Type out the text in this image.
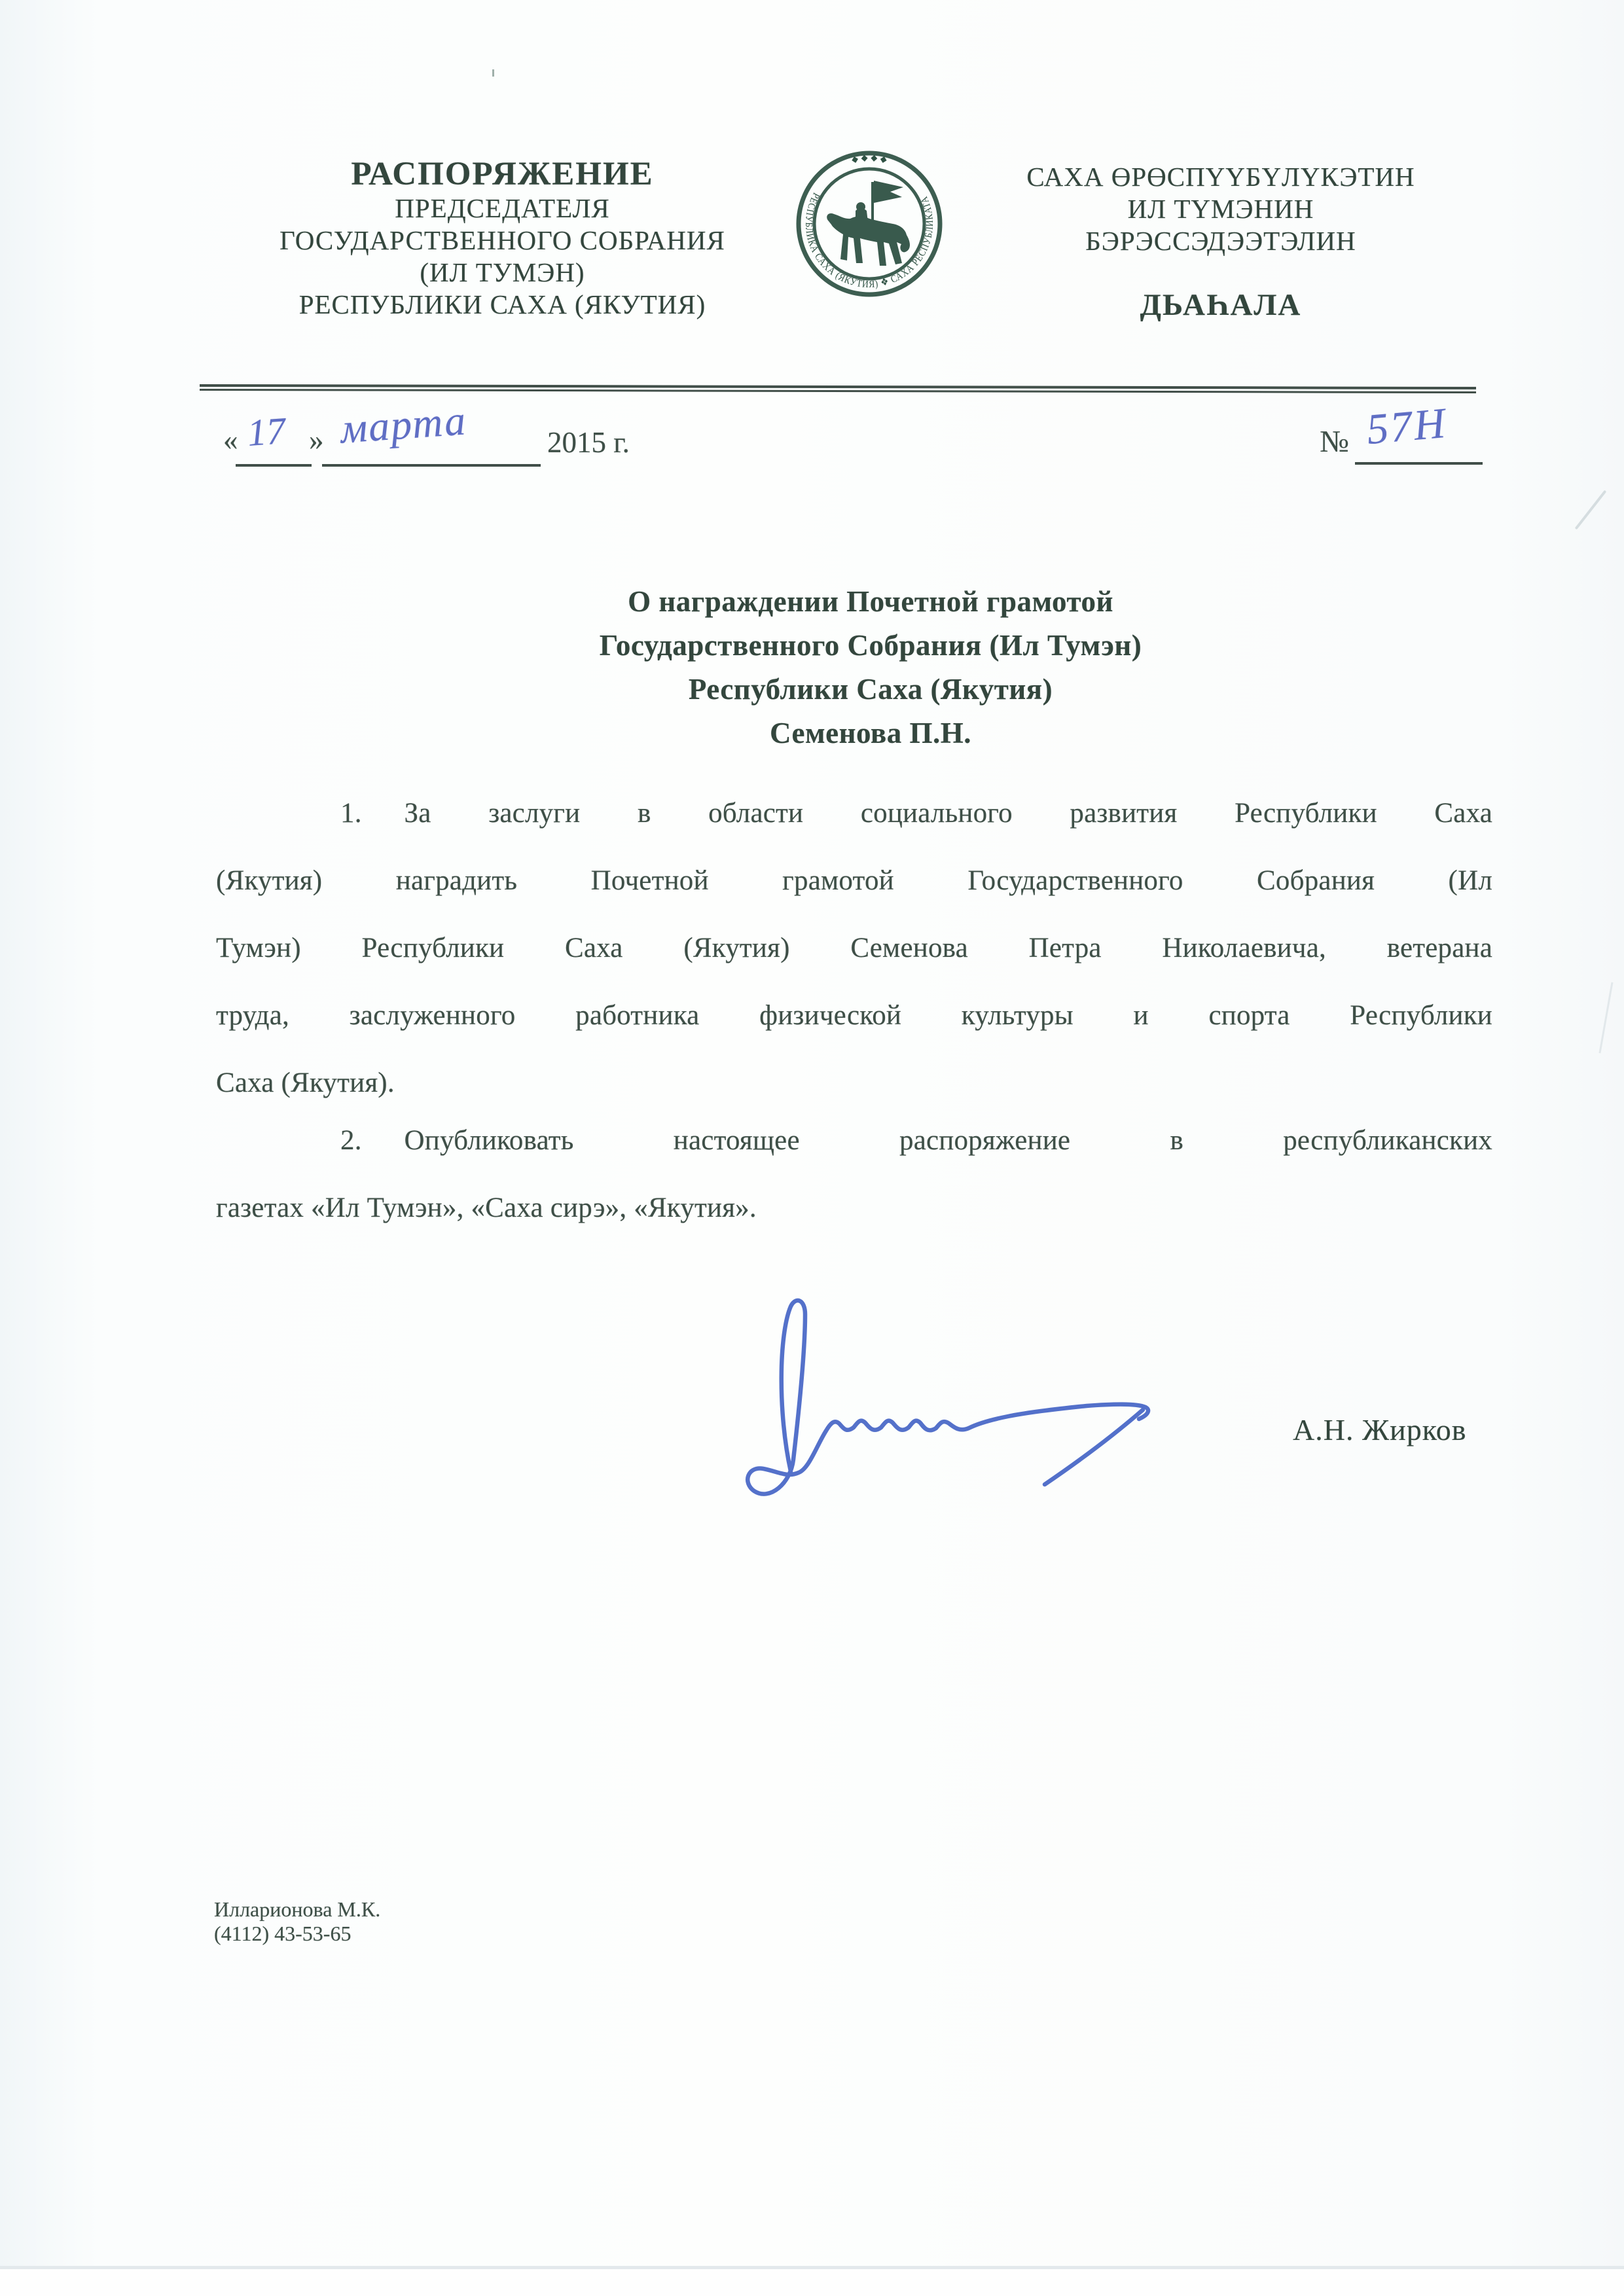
РАСПОРЯЖЕНИЕ
ПРЕДСЕДАТЕЛЯ
ГОСУДАРСТВЕННОГО СОБРАНИЯ
(ИЛ ТУМЭН)
РЕСПУБЛИКИ САХА (ЯКУТИЯ)
РЕСПУБЛИКА САХА (ЯКУТИЯ) ❖ САХА РЕСПУБЛИКАТА
◆ ◆ ◆ ◆
САХА ӨРӨСПҮҮБҮЛҮКЭТИН
ИЛ ТҮМЭНИН
БЭРЭССЭДЭЭТЭЛИН
ДЬАҺАЛА
« 17 » марта	2015 г.	№ 57Н
О награждении Почетной грамотой
Государственного Собрания (Ил Тумэн)
Республики Саха (Якутия)
Семенова П.Н.
1.  За заслуги в области социального развития Республики Саха
(Якутия) наградить Почетной грамотой Государственного Собрания (Ил
Тумэн) Республики Саха (Якутия) Семенова Петра Николаевича, ветерана
труда, заслуженного работника физической культуры и спорта Республики
Саха (Якутия).
2.  Опубликовать настоящее распоряжение в республиканских
газетах «Ил Тумэн», «Саха сирэ», «Якутия».
А.Н. Жирков
Илларионова М.К.
(4112) 43-53-65
